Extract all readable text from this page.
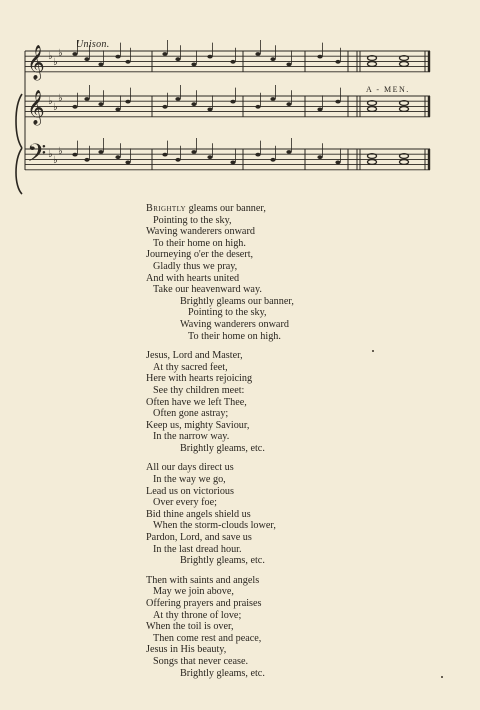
𝄞
𝄞
𝄢
♭
♭
♭
♭
♭
♭
♭
♭
♭
Unison.
A - MEN.
Brightly gleams our banner,
Pointing to the sky,
Waving wanderers onward
To their home on high.
Journeying o'er the desert,
Gladly thus we pray,
And with hearts united
Take our heavenward way.
Brightly gleams our banner,
Pointing to the sky,
Waving wanderers onward
To their home on high.
Jesus, Lord and Master,
At thy sacred feet,
Here with hearts rejoicing
See thy children meet:
Often have we left Thee,
Often gone astray;
Keep us, mighty Saviour,
In the narrow way.
Brightly gleams, etc.
All our days direct us
In the way we go,
Lead us on victorious
Over every foe;
Bid thine angels shield us
When the storm-clouds lower,
Pardon, Lord, and save us
In the last dread hour.
Brightly gleams, etc.
Then with saints and angels
May we join above,
Offering prayers and praises
At thy throne of love;
When the toil is over,
Then come rest and peace,
Jesus in His beauty,
Songs that never cease.
Brightly gleams, etc.
